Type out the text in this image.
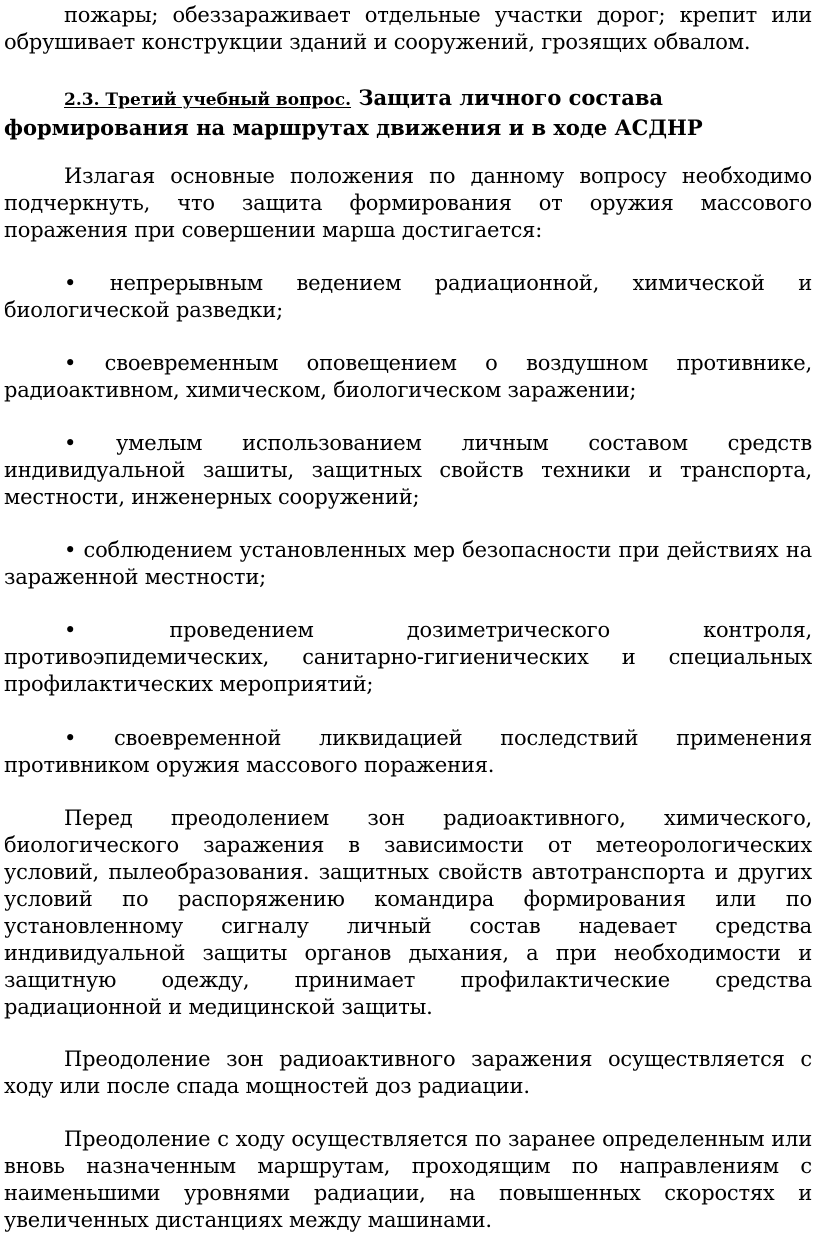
пожары; обеззараживает отдельные участки дорог; крепит или обрушивает конструкции зданий и сооружений, грозящих обвалом.

2.3. Третий учебный вопрос. Защита личного состава формирования на маршрутах движения и в ходе АСДНР

Излагая основные положения по данному вопросу необходимо подчеркнуть, что защита формирования от оружия массового поражения при совершении марша достигается:

• непрерывным ведением радиационной, химической и биологической разведки;

• своевременным оповещением о воздушном противнике, радиоактивном, химическом, биологическом заражении;

• умелым использованием личным составом средств индивидуальной зашиты, защитных свойств техники и транспорта, местности, инженерных сооружений;

• соблюдением установленных мер безопасности при действиях на зараженной местности;

• проведением дозиметрического контроля, противоэпидемических, санитарно-гигиенических и специальных профилактических мероприятий;

• своевременной ликвидацией последствий применения противником оружия массового поражения.

Перед преодолением зон радиоактивного, химического, биологического заражения в зависимости от метеорологических условий, пылеобразования. защитных свойств автотранспорта и других условий по распоряжению командира формирования или по установленному сигналу личный состав надевает средства индивидуальной защиты органов дыхания, а при необходимости и защитную одежду, принимает профилактические средства радиационной и медицинской защиты.

Преодоление зон радиоактивного заражения осуществляется с ходу или после спада мощностей доз радиации.

Преодоление с ходу осуществляется по заранее определенным или вновь назначенным маршрутам, проходящим по направлениям с наименьшими уровнями радиации, на повышенных скоростях и увеличенных дистанциях между машинами.
